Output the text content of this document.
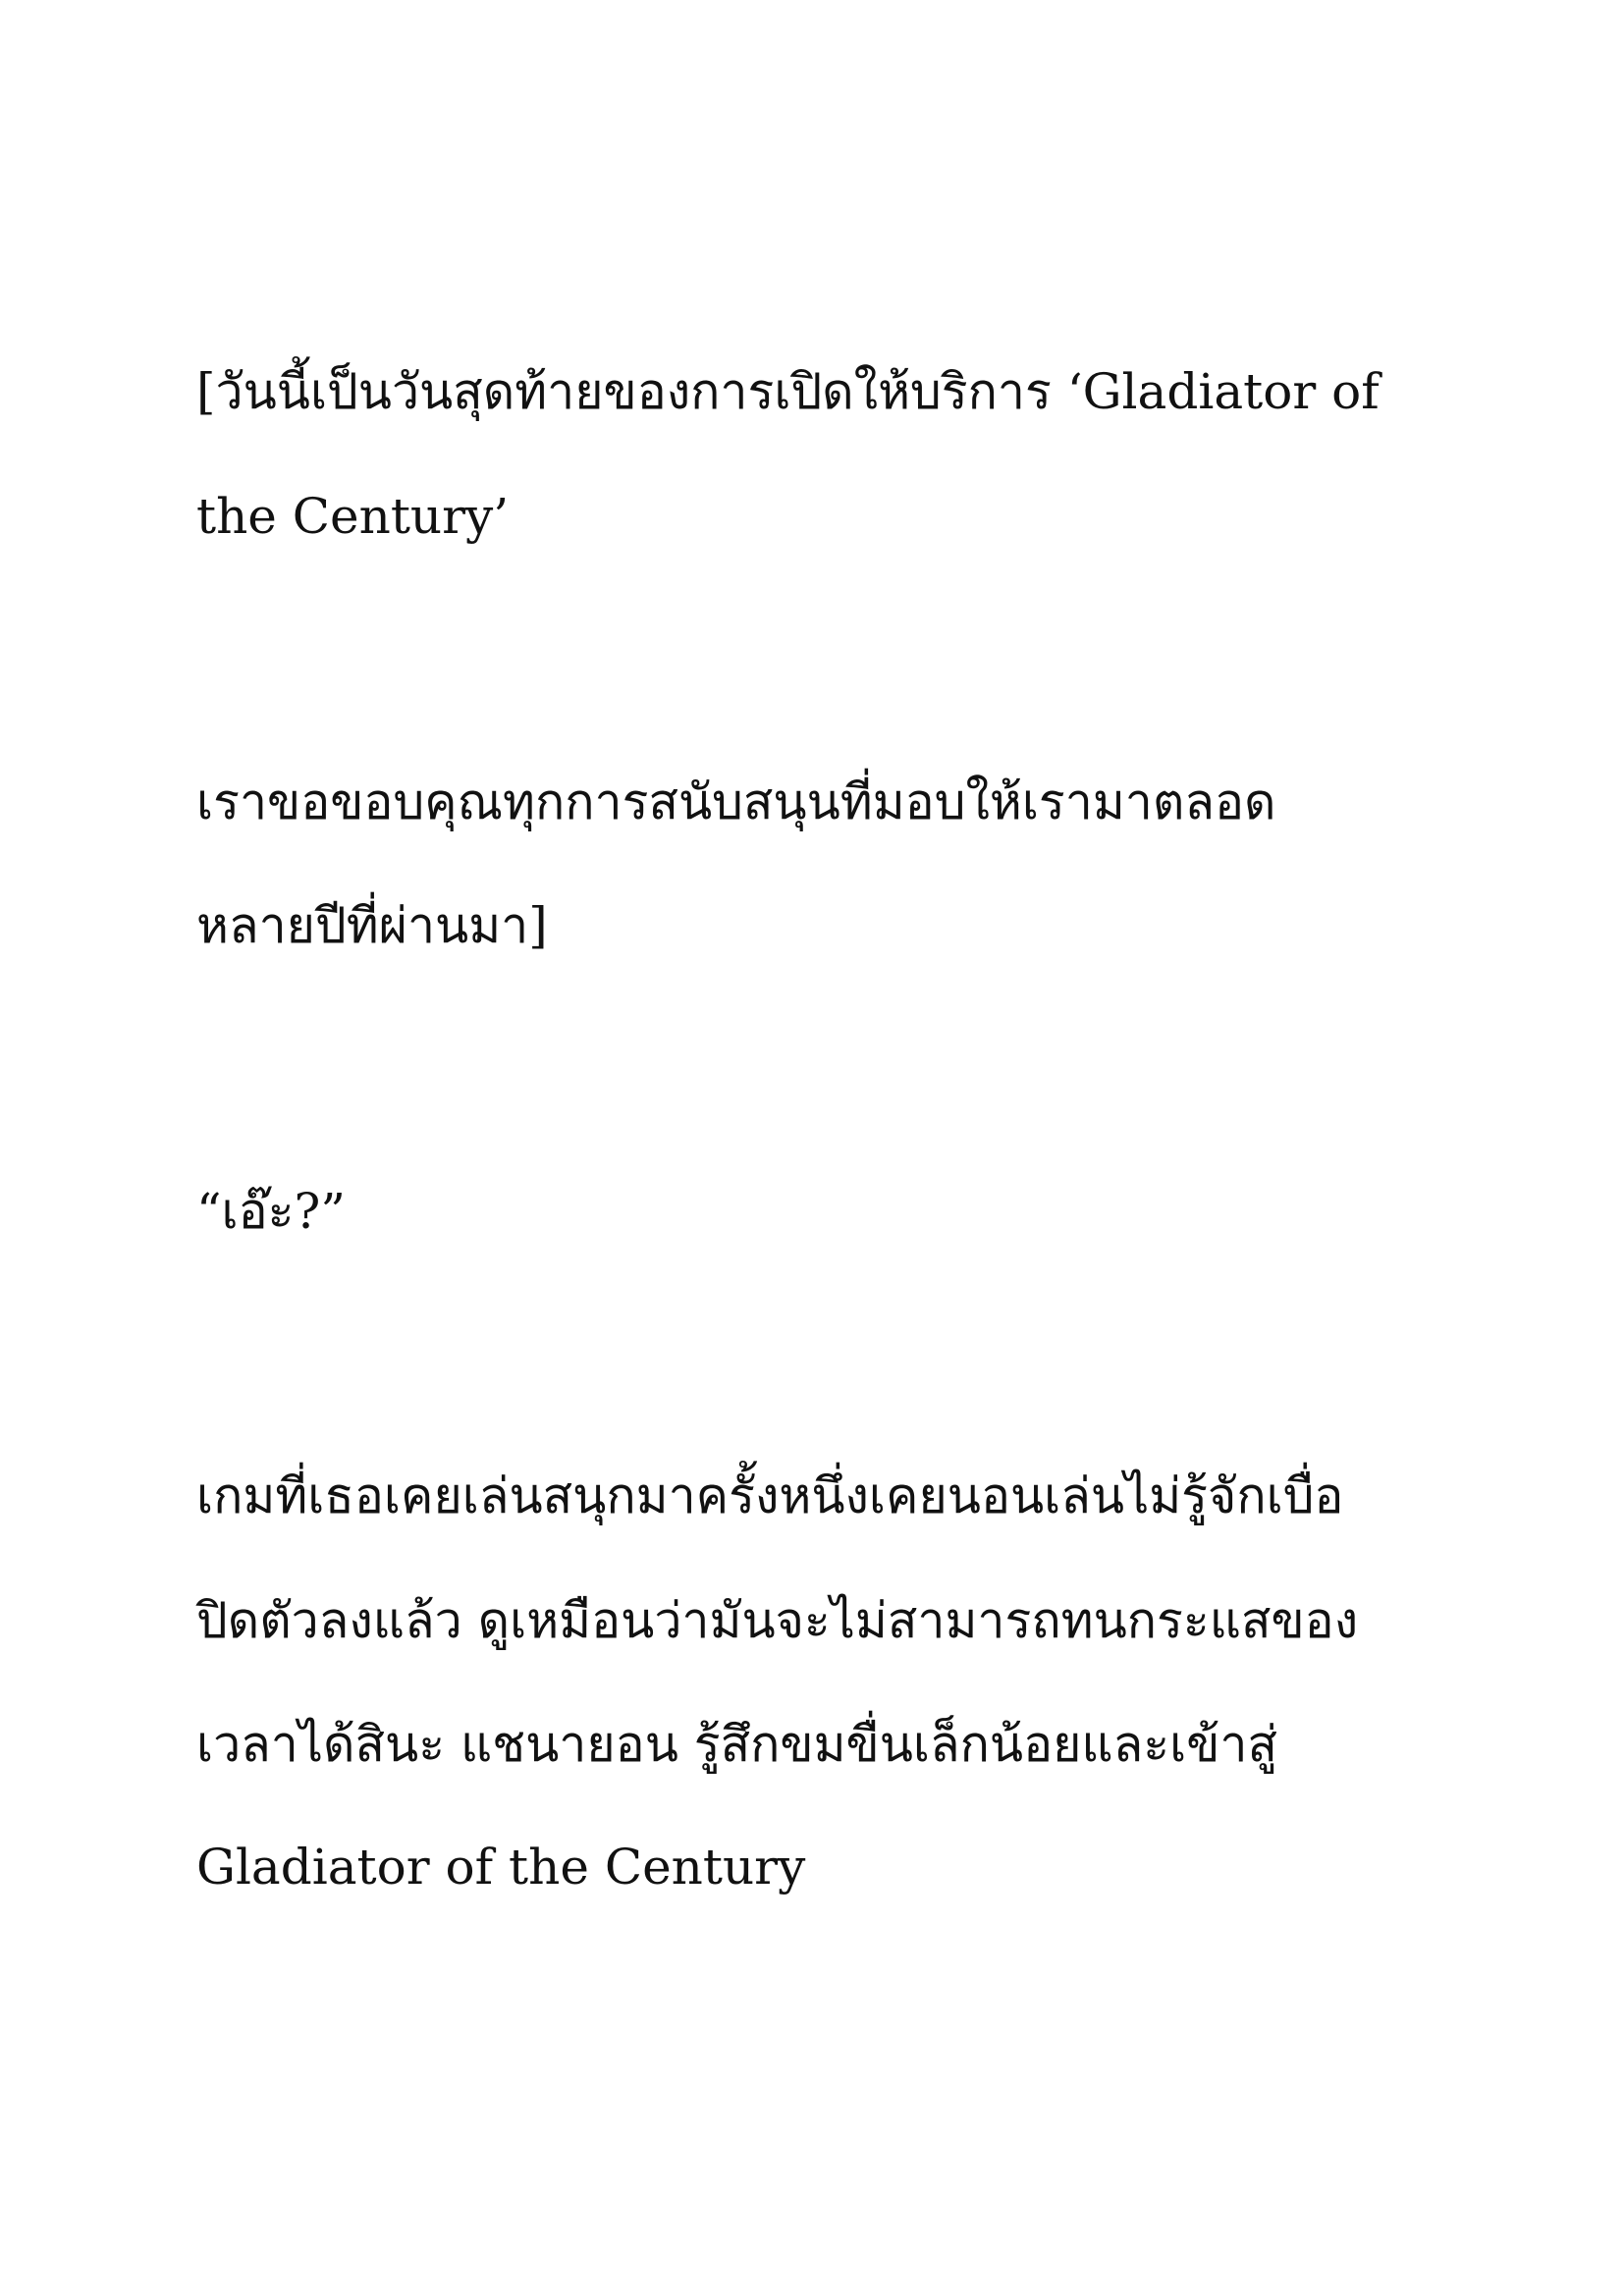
[วันนี้เป็นวันสุดท้ายของการเปิดให้บริการ ‘Gladiator of
the Century’
เราขอขอบคุณทุกการสนับสนุนที่มอบให้เรามาตลอด
หลายปีที่ผ่านมา]
“เอ๊ะ?”
เกมที่เธอเคยเล่นสนุกมาครั้งหนึ่งเคยนอนเล่นไม่รู้จักเบื่อ
ปิดตัวลงแล้ว ดูเหมือนว่ามันจะไม่สามารถทนกระแสของ
เวลาได้สินะ แชนายอน รู้สึกขมขื่นเล็กน้อยและเข้าสู่
Gladiator of the Century
